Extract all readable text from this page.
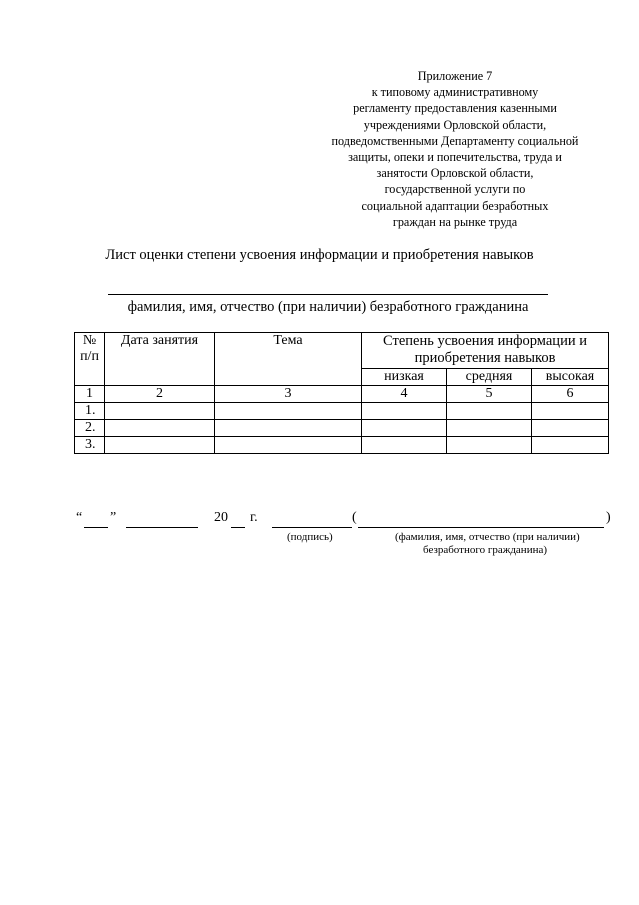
Приложение 7
к типовому административному
регламенту предоставления казенными
учреждениями Орловской области,
подведомственными Департаменту социальной
защиты, опеки и попечительства, труда и
занятости Орловской области,
государственной услуги по
социальной адаптации безработных
граждан на рынке труда
Лист оценки степени усвоения информации и приобретения навыков
фамилия, имя, отчество (при наличии) безработного гражданина
№ п/п	Дата занятия	Тема	Степень усвоения информации и приобретения навыков		
			низкая	средняя	высокая
1	2	3	4	5	6
1.					
2.					
3.					
“ ”	20 г.	(	)
(подпись)	(фамилия, имя, отчество (при наличии)
безработного гражданина)
